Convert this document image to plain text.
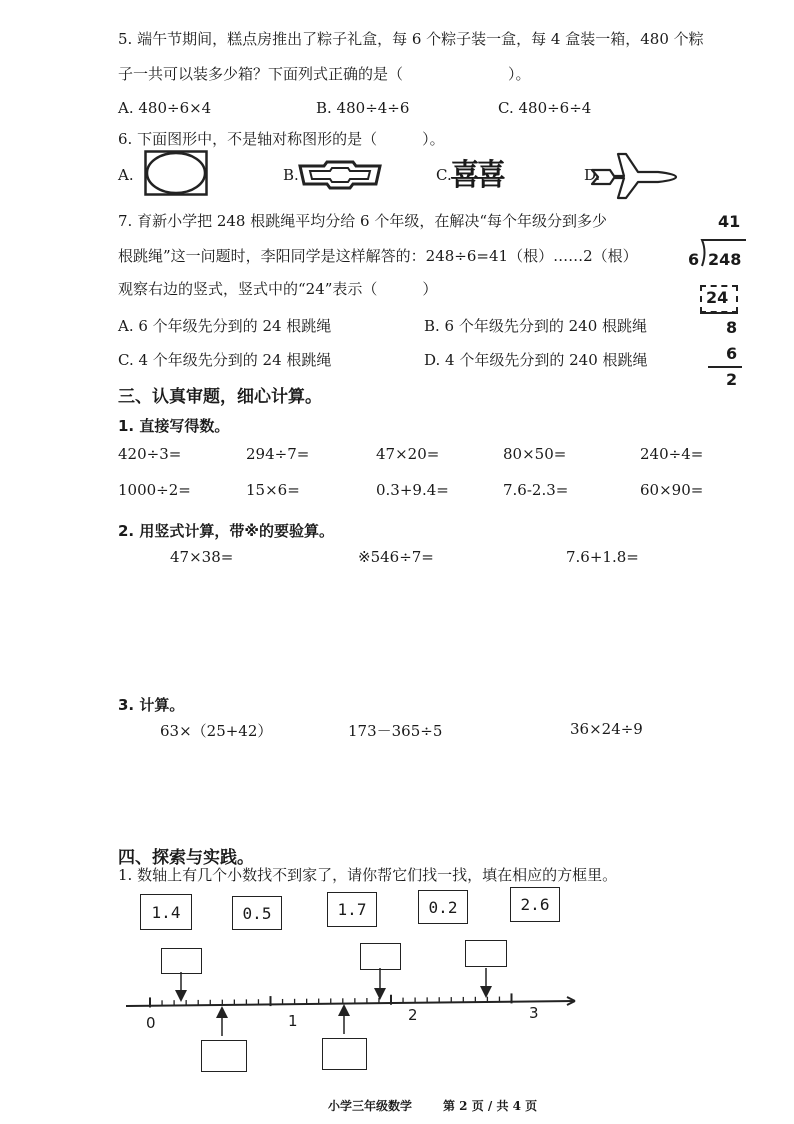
5. 端午节期间，糕点房推出了粽子礼盒，每 6 个粽子装一盒，每 4 盒装一箱，480 个粽
子一共可以装多少箱？下面列式正确的是（　　　　　　　）。
A. 480÷6×4	B. 480÷4÷6	C. 480÷6÷4
6. 下面图形中，不是轴对称图形的是（　　　）。
A.	B.	C.
喜喜	D.
7. 育新小学把 248 根跳绳平均分给 6 个年级，在解决“每个年级分到多少
根跳绳”这一问题时，李阳同学是这样解答的：248÷6=41（根）……2（根）
观察右边的竖式，竖式中的“24”表示（　　　）
A. 6 个年级先分到的 24 根跳绳	B. 6 个年级先分到的 240 根跳绳
C. 4 个年级先分到的 24 根跳绳	D. 4 个年级先分到的 240 根跳绳
41
6 248
24
8
6
2
三、认真审题，细心计算。
1. 直接写得数。
420÷3=	294÷7=	47×20=	80×50=	240÷4=
1000÷2=	15×6=	0.3+9.4=	7.6-2.3=	60×90=
2. 用竖式计算，带※的要验算。
47×38=	※546÷7=	7.6+1.8=
3. 计算。
63×（25+42）	173－365÷5	36×24÷9
四、探索与实践。
1. 数轴上有几个小数找不到家了，请你帮它们找一找，填在相应的方框里。
1.4	0.5	1.7	0.2	2.6
0	1	2	3
小学三年级数学	第 2 页 / 共 4 页
